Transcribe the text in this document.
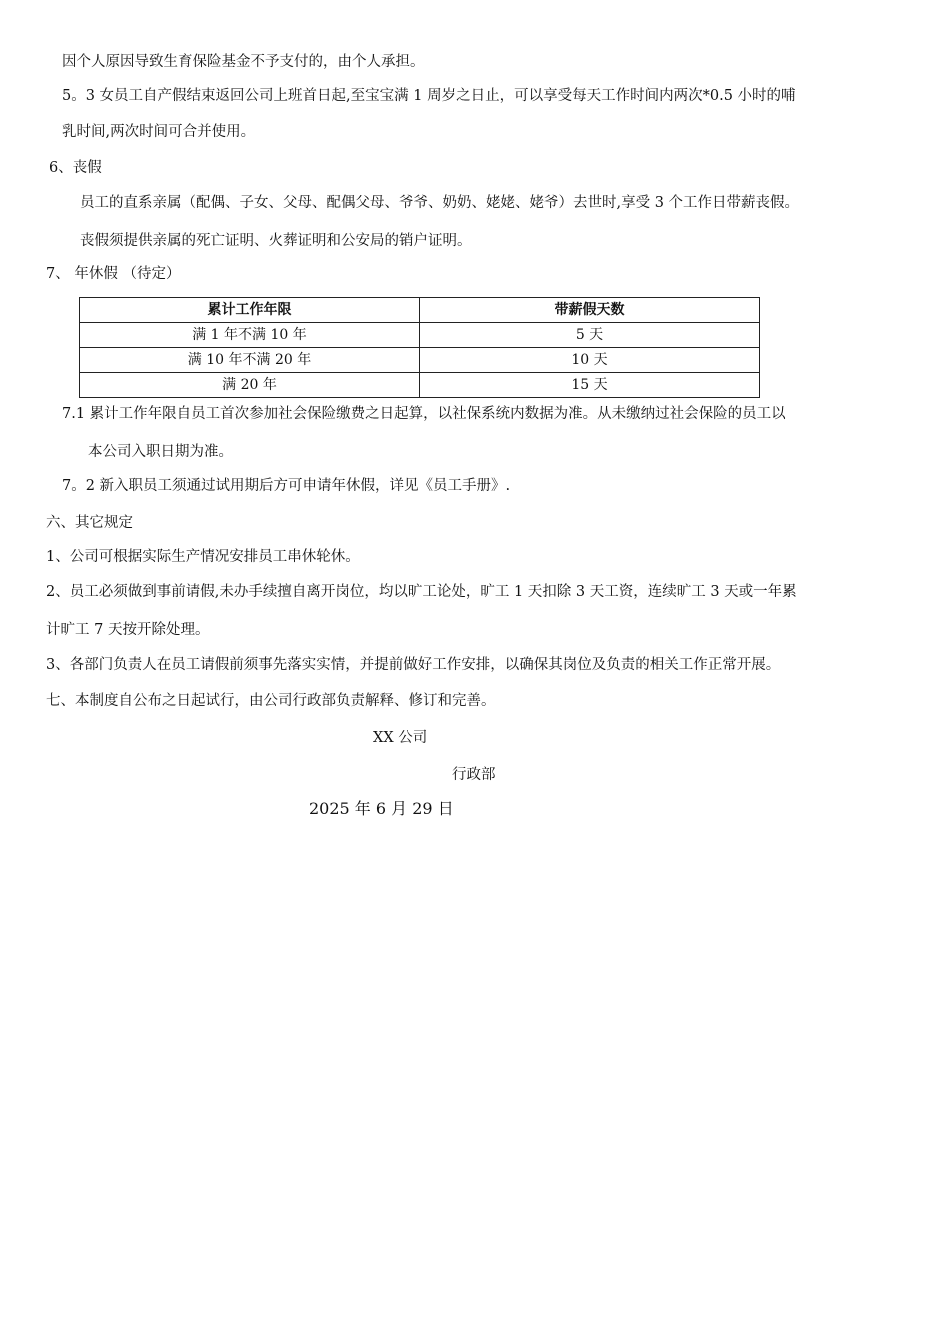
因个人原因导致生育保险基金不予支付的，由个人承担。
5。3 女员工自产假结束返回公司上班首日起,至宝宝满 1 周岁之日止，可以享受每天工作时间内两次*0.5 小时的哺
乳时间,两次时间可合并使用。
6、丧假
员工的直系亲属（配偶、子女、父母、配偶父母、爷爷、奶奶、姥姥、姥爷）去世时,享受 3 个工作日带薪丧假。
丧假须提供亲属的死亡证明、火葬证明和公安局的销户证明。
7、 年休假 （待定）
累计工作年限	带薪假天数
满 1 年不满 10 年	5 天
满 10 年不满 20 年	10 天
满 20 年	15 天
7.1 累计工作年限自员工首次参加社会保险缴费之日起算，以社保系统内数据为准。从未缴纳过社会保险的员工以
本公司入职日期为准。
7。2 新入职员工须通过试用期后方可申请年休假，详见《员工手册》.
六、其它规定
1、公司可根据实际生产情况安排员工串休轮休。
2、员工必须做到事前请假,未办手续擅自离开岗位，均以旷工论处，旷工 1 天扣除 3 天工资，连续旷工 3 天或一年累
计旷工 7 天按开除处理。
3、各部门负责人在员工请假前须事先落实实情，并提前做好工作安排，以确保其岗位及负责的相关工作正常开展。
七、本制度自公布之日起试行，由公司行政部负责解释、修订和完善。
XX 公司
行政部
2025 年 6 月 29 日
